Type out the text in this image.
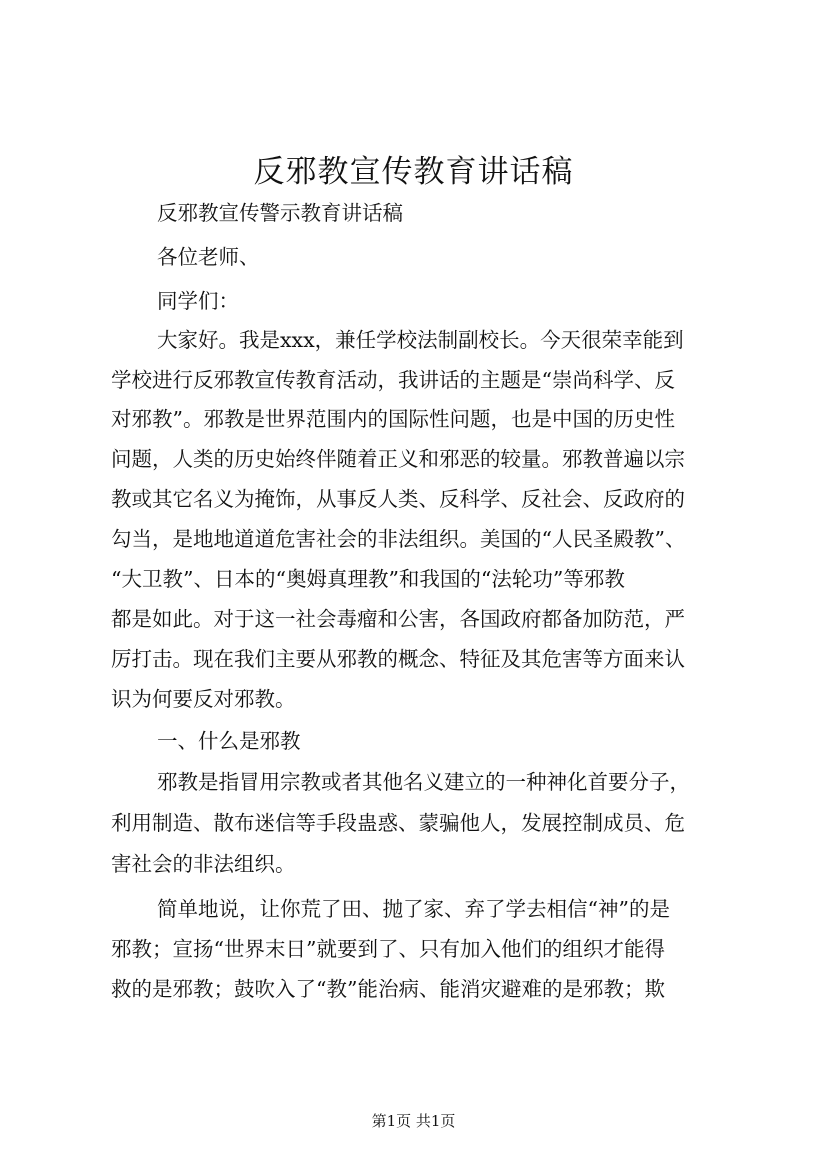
反邪教宣传教育讲话稿
反邪教宣传警示教育讲话稿
各位老师、
同学们：
大家好。我是xxx，兼任学校法制副校长。今天很荣幸能到
学校进行反邪教宣传教育活动，我讲话的主题是“崇尚科学、反
对邪教”。邪教是世界范围内的国际性问题，也是中国的历史性
问题，人类的历史始终伴随着正义和邪恶的较量。邪教普遍以宗
教或其它名义为掩饰，从事反人类、反科学、反社会、反政府的
勾当，是地地道道危害社会的非法组织。美国的“人民圣殿教”、
“大卫教”、日本的“奥姆真理教”和我国的“法轮功”等邪教
都是如此。对于这一社会毒瘤和公害，各国政府都备加防范，严
厉打击。现在我们主要从邪教的概念、特征及其危害等方面来认
识为何要反对邪教。
一、什么是邪教
邪教是指冒用宗教或者其他名义建立的一种神化首要分子，
利用制造、散布迷信等手段蛊惑、蒙骗他人，发展控制成员、危
害社会的非法组织。
简单地说，让你荒了田、抛了家、弃了学去相信“神”的是
邪教；宣扬“世界末日”就要到了、只有加入他们的组织才能得
救的是邪教；鼓吹入了“教”能治病、能消灾避难的是邪教；欺
第1页 共1页
